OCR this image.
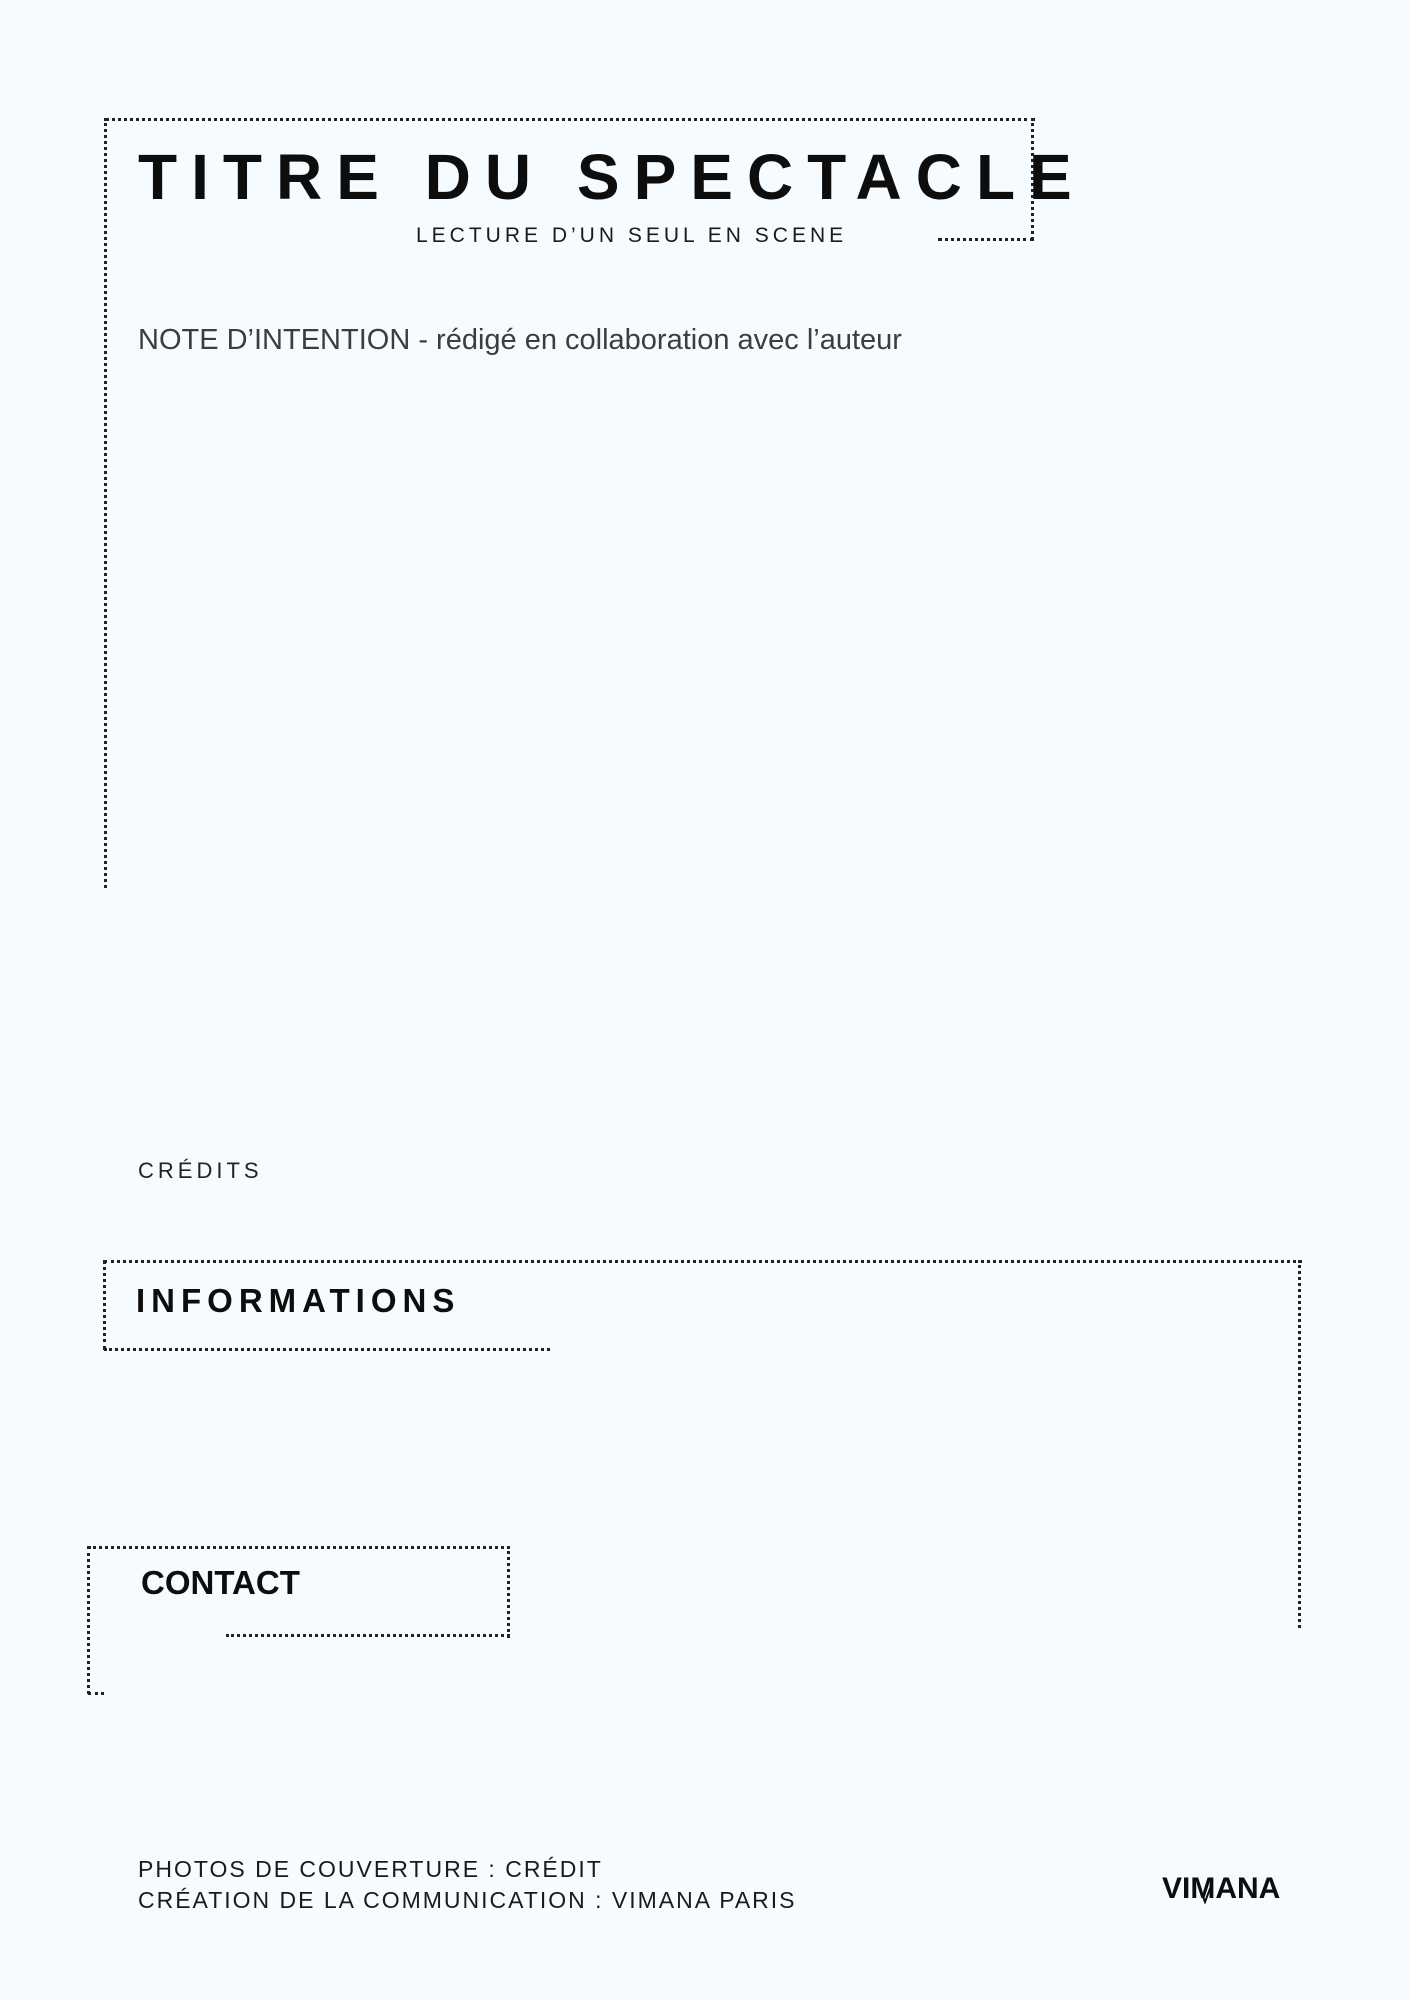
TITRE DU SPECTACLE
LECTURE D’UN SEUL EN SCENE
NOTE D’INTENTION - rédigé en collaboration avec l’auteur
CRÉDITS
INFORMATIONS
CONTACT
PHOTOS DE COUVERTURE : CRÉDIT
CRÉATION DE LA COMMUNICATION : VIMANA PARIS	VIMANA
